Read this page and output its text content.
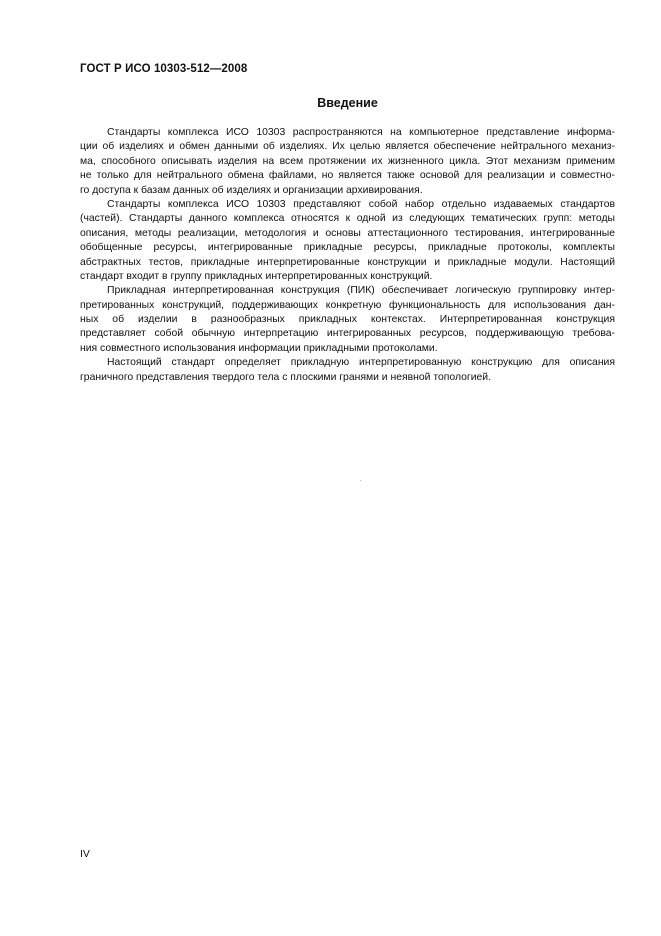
ГОСТ Р ИСО 10303-512—2008
Введение
Стандарты комплекса ИСО 10303 распространяются на компьютерное представление информа-
ции об изделиях и обмен данными об изделиях. Их целью является обеспечение нейтрального механиз-
ма, способного описывать изделия на всем протяжении их жизненного цикла. Этот механизм применим
не только для нейтрального обмена файлами, но является также основой для реализации и совместно-
го доступа к базам данных об изделиях и организации архивирования.
Стандарты комплекса ИСО 10303 представляют собой набор отдельно издаваемых стандартов
(частей). Стандарты данного комплекса относятся к одной из следующих тематических групп: методы
описания, методы реализации, методология и основы аттестационного тестирования, интегрированные
обобщенные ресурсы, интегрированные прикладные ресурсы, прикладные протоколы, комплекты
абстрактных тестов, прикладные интерпретированные конструкции и прикладные модули. Настоящий
стандарт входит в группу прикладных интерпретированных конструкций.
Прикладная интерпретированная конструкция (ПИК) обеспечивает логическую группировку интер-
претированных конструкций, поддерживающих конкретную функциональность для использования дан-
ных об изделии в разнообразных прикладных контекстах. Интерпретированная конструкция
представляет собой обычную интерпретацию интегрированных ресурсов, поддерживающую требова-
ния совместного использования информации прикладными протоколами.
Настоящий стандарт определяет прикладную интерпретированную конструкцию для описания
граничного представления твердого тела с плоскими гранями и неявной топологией.
IV
